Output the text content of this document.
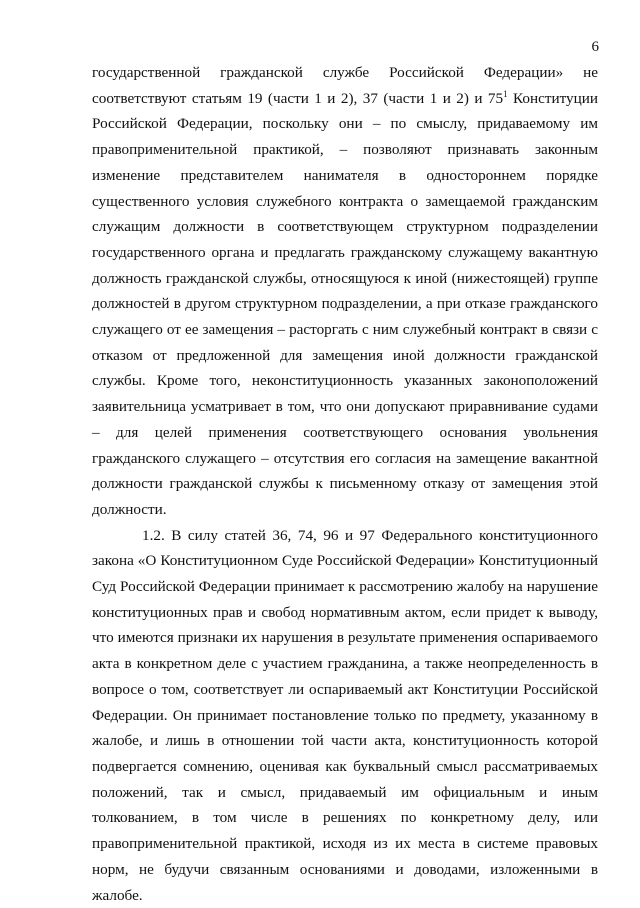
6

государственной гражданской службе Российской Федерации» не соответствуют статьям 19 (части 1 и 2), 37 (части 1 и 2) и $75^1$ Конституции Российской Федерации, поскольку они – по смыслу, придаваемому им правоприменительной практикой, – позволяют признавать законным изменение представителем нанимателя в одностороннем порядке существенного условия служебного контракта о замещаемой гражданским служащим должности в соответствующем структурном подразделении государственного органа и предлагать гражданскому служащему вакантную должность гражданской службы, относящуюся к иной (нижестоящей) группе должностей в другом структурном подразделении, а при отказе гражданского служащего от ее замещения – расторгать с ним служебный контракт в связи с отказом от предложенной для замещения иной должности гражданской службы. Кроме того, неконституционность указанных законоположений заявительница усматривает в том, что они допускают приравнивание судами – для целей применения соответствующего основания увольнения гражданского служащего – отсутствия его согласия на замещение вакантной должности гражданской службы к письменному отказу от замещения этой должности.

1.2. В силу статей 36, 74, 96 и 97 Федерального конституционного закона «О Конституционном Суде Российской Федерации» Конституционный Суд Российской Федерации принимает к рассмотрению жалобу на нарушение конституционных прав и свобод нормативным актом, если придет к выводу, что имеются признаки их нарушения в результате применения оспариваемого акта в конкретном деле с участием гражданина, а также неопределенность в вопросе о том, соответствует ли оспариваемый акт Конституции Российской Федерации. Он принимает постановление только по предмету, указанному в жалобе, и лишь в отношении той части акта, конституционность которой подвергается сомнению, оценивая как буквальный смысл рассматриваемых положений, так и смысл, придаваемый им официальным и иным толкованием, в том числе в решениях по конкретному делу, или правоприменительной практикой, исходя из их места в системе правовых норм, не будучи связанным основаниями и доводами, изложенными в жалобе.
